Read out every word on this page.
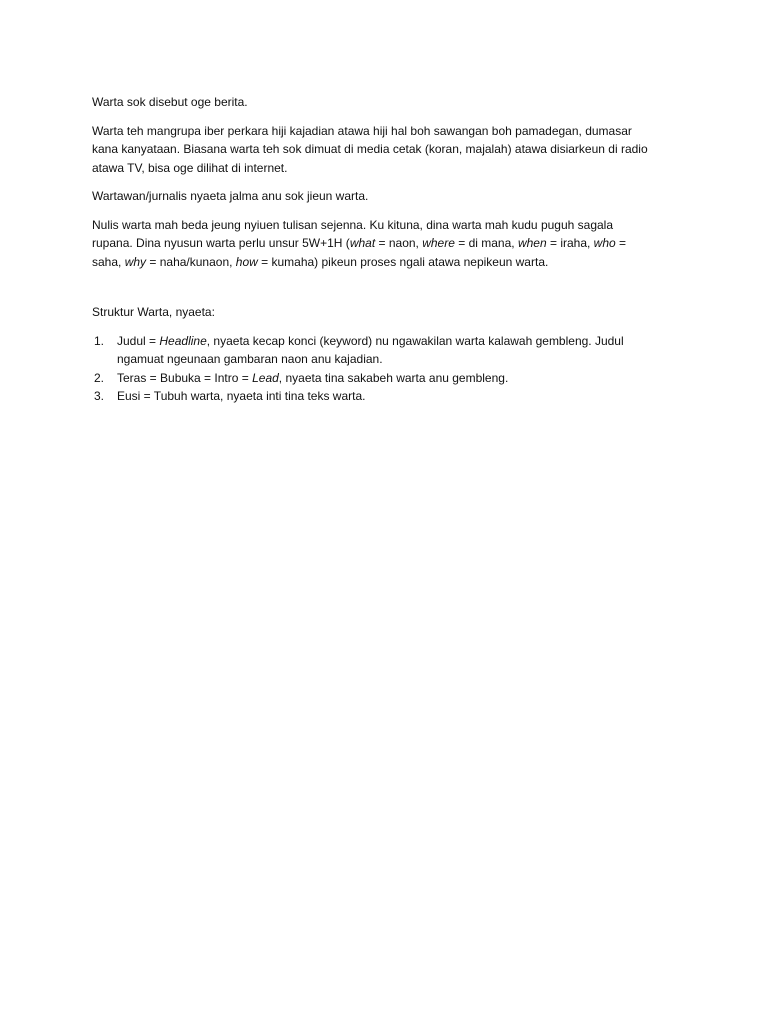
Warta sok disebut oge berita.

Warta teh mangrupa iber perkara hiji kajadian atawa hiji hal boh sawangan boh pamadegan, dumasar
kana kanyataan. Biasana warta teh sok dimuat di media cetak (koran, majalah) atawa disiarkeun di radio
atawa TV, bisa oge dilihat di internet.

Wartawan/jurnalis nyaeta jalma anu sok jieun warta.

Nulis warta mah beda jeung nyiuen tulisan sejenna. Ku kituna, dina warta mah kudu puguh sagala
rupana. Dina nyusun warta perlu unsur 5W+1H (what = naon, where = di mana, when = iraha, who =
saha, why = naha/kunaon, how = kumaha) pikeun proses ngali atawa nepikeun warta.

Struktur Warta, nyaeta:

1. Judul = Headline, nyaeta kecap konci (keyword) nu ngawakilan warta kalawah gembleng. Judul
ngamuat ngeunaan gambaran naon anu kajadian.
2. Teras = Bubuka = Intro = Lead, nyaeta tina sakabeh warta anu gembleng.
3. Eusi = Tubuh warta, nyaeta inti tina teks warta.
